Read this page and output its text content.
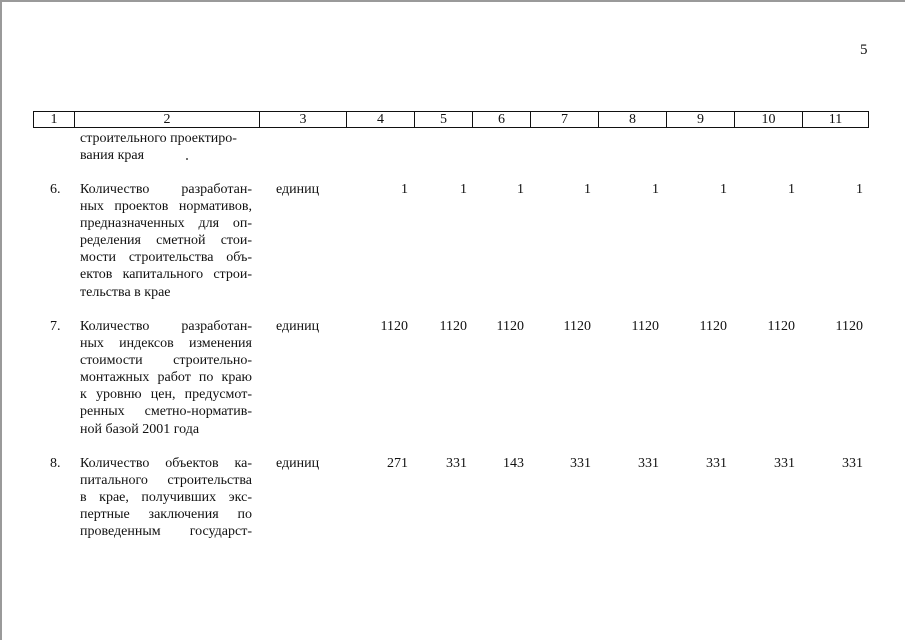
5
1	2	3	4	5	6	7	8	9	10	11
строительного проектиро-
вания края
6. Количество разработан-
ных проектов нормативов,
предназначенных для оп-
ределения сметной стои-
мости строительства объ-
ектов капитального строи-
тельства в крае
единиц	1	1	1	1	1	1	1	1
7. Количество разработан-
ных индексов изменения
стоимости строительно-
монтажных работ по краю
к уровню цен, предусмот-
ренных сметно-норматив-
ной базой 2001 года
единиц	1120	1120	1120	1120	1120	1120	1120	1120
8. Количество объектов ка-
питального строительства
в крае, получивших экс-
пертные заключения по
проведенным государст-
единиц	271	331	143	331	331	331	331	331
